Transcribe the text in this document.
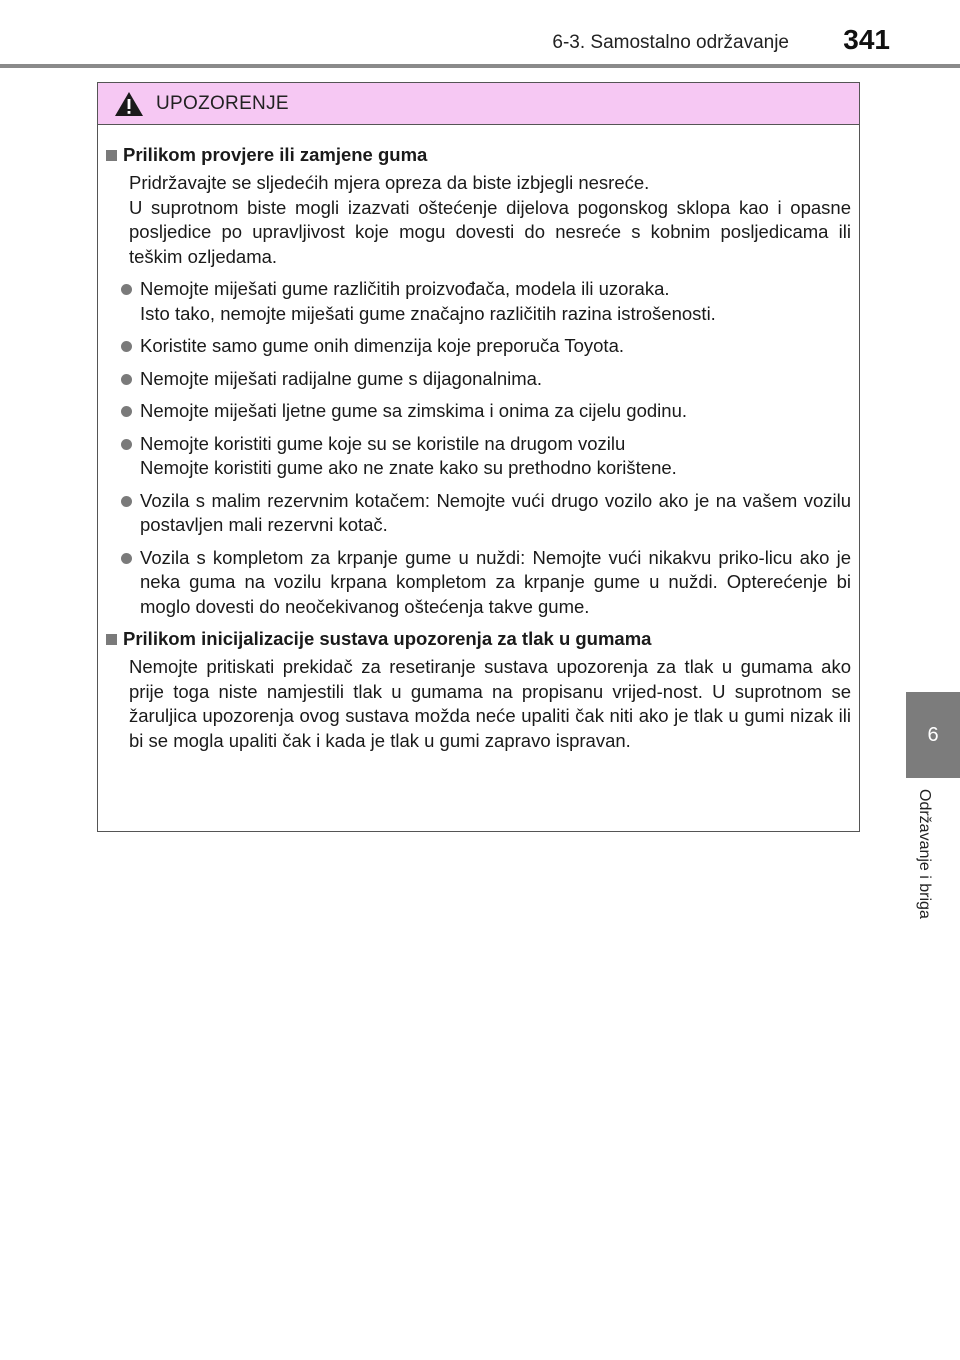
6-3. Samostalno održavanje 341
6
Održavanje i briga
UPOZORENJE
Prilikom provjere ili zamjene guma
Pridržavajte se sljedećih mjera opreza da biste izbjegli nesreće.
U suprotnom biste mogli izazvati oštećenje dijelova pogonskog sklopa kao i opasne posljedice po upravljivost koje mogu dovesti do nesreće s kobnim posljedicama ili teškim ozljedama.
Nemojte miješati gume različitih proizvođača, modela ili uzoraka.
Isto tako, nemojte miješati gume značajno različitih razina istrošenosti.
Koristite samo gume onih dimenzija koje preporuča Toyota.
Nemojte miješati radijalne gume s dijagonalnima.
Nemojte miješati ljetne gume sa zimskima i onima za cijelu godinu.
Nemojte koristiti gume koje su se koristile na drugom vozilu
Nemojte koristiti gume ako ne znate kako su prethodno korištene.
Vozila s malim rezervnim kotačem: Nemojte vući drugo vozilo ako je na vašem vozilu postavljen mali rezervni kotač.
Vozila s kompletom za krpanje gume u nuždi: Nemojte vući nikakvu priko-licu ako je neka guma na vozilu krpana kompletom za krpanje gume u nuždi. Opterećenje bi moglo dovesti do neočekivanog oštećenja takve gume.
Prilikom inicijalizacije sustava upozorenja za tlak u gumama
Nemojte pritiskati prekidač za resetiranje sustava upozorenja za tlak u gumama ako prije toga niste namjestili tlak u gumama na propisanu vrijed-nost. U suprotnom se žaruljica upozorenja ovog sustava možda neće upaliti čak niti ako je tlak u gumi nizak ili bi se mogla upaliti čak i kada je tlak u gumi zapravo ispravan.
